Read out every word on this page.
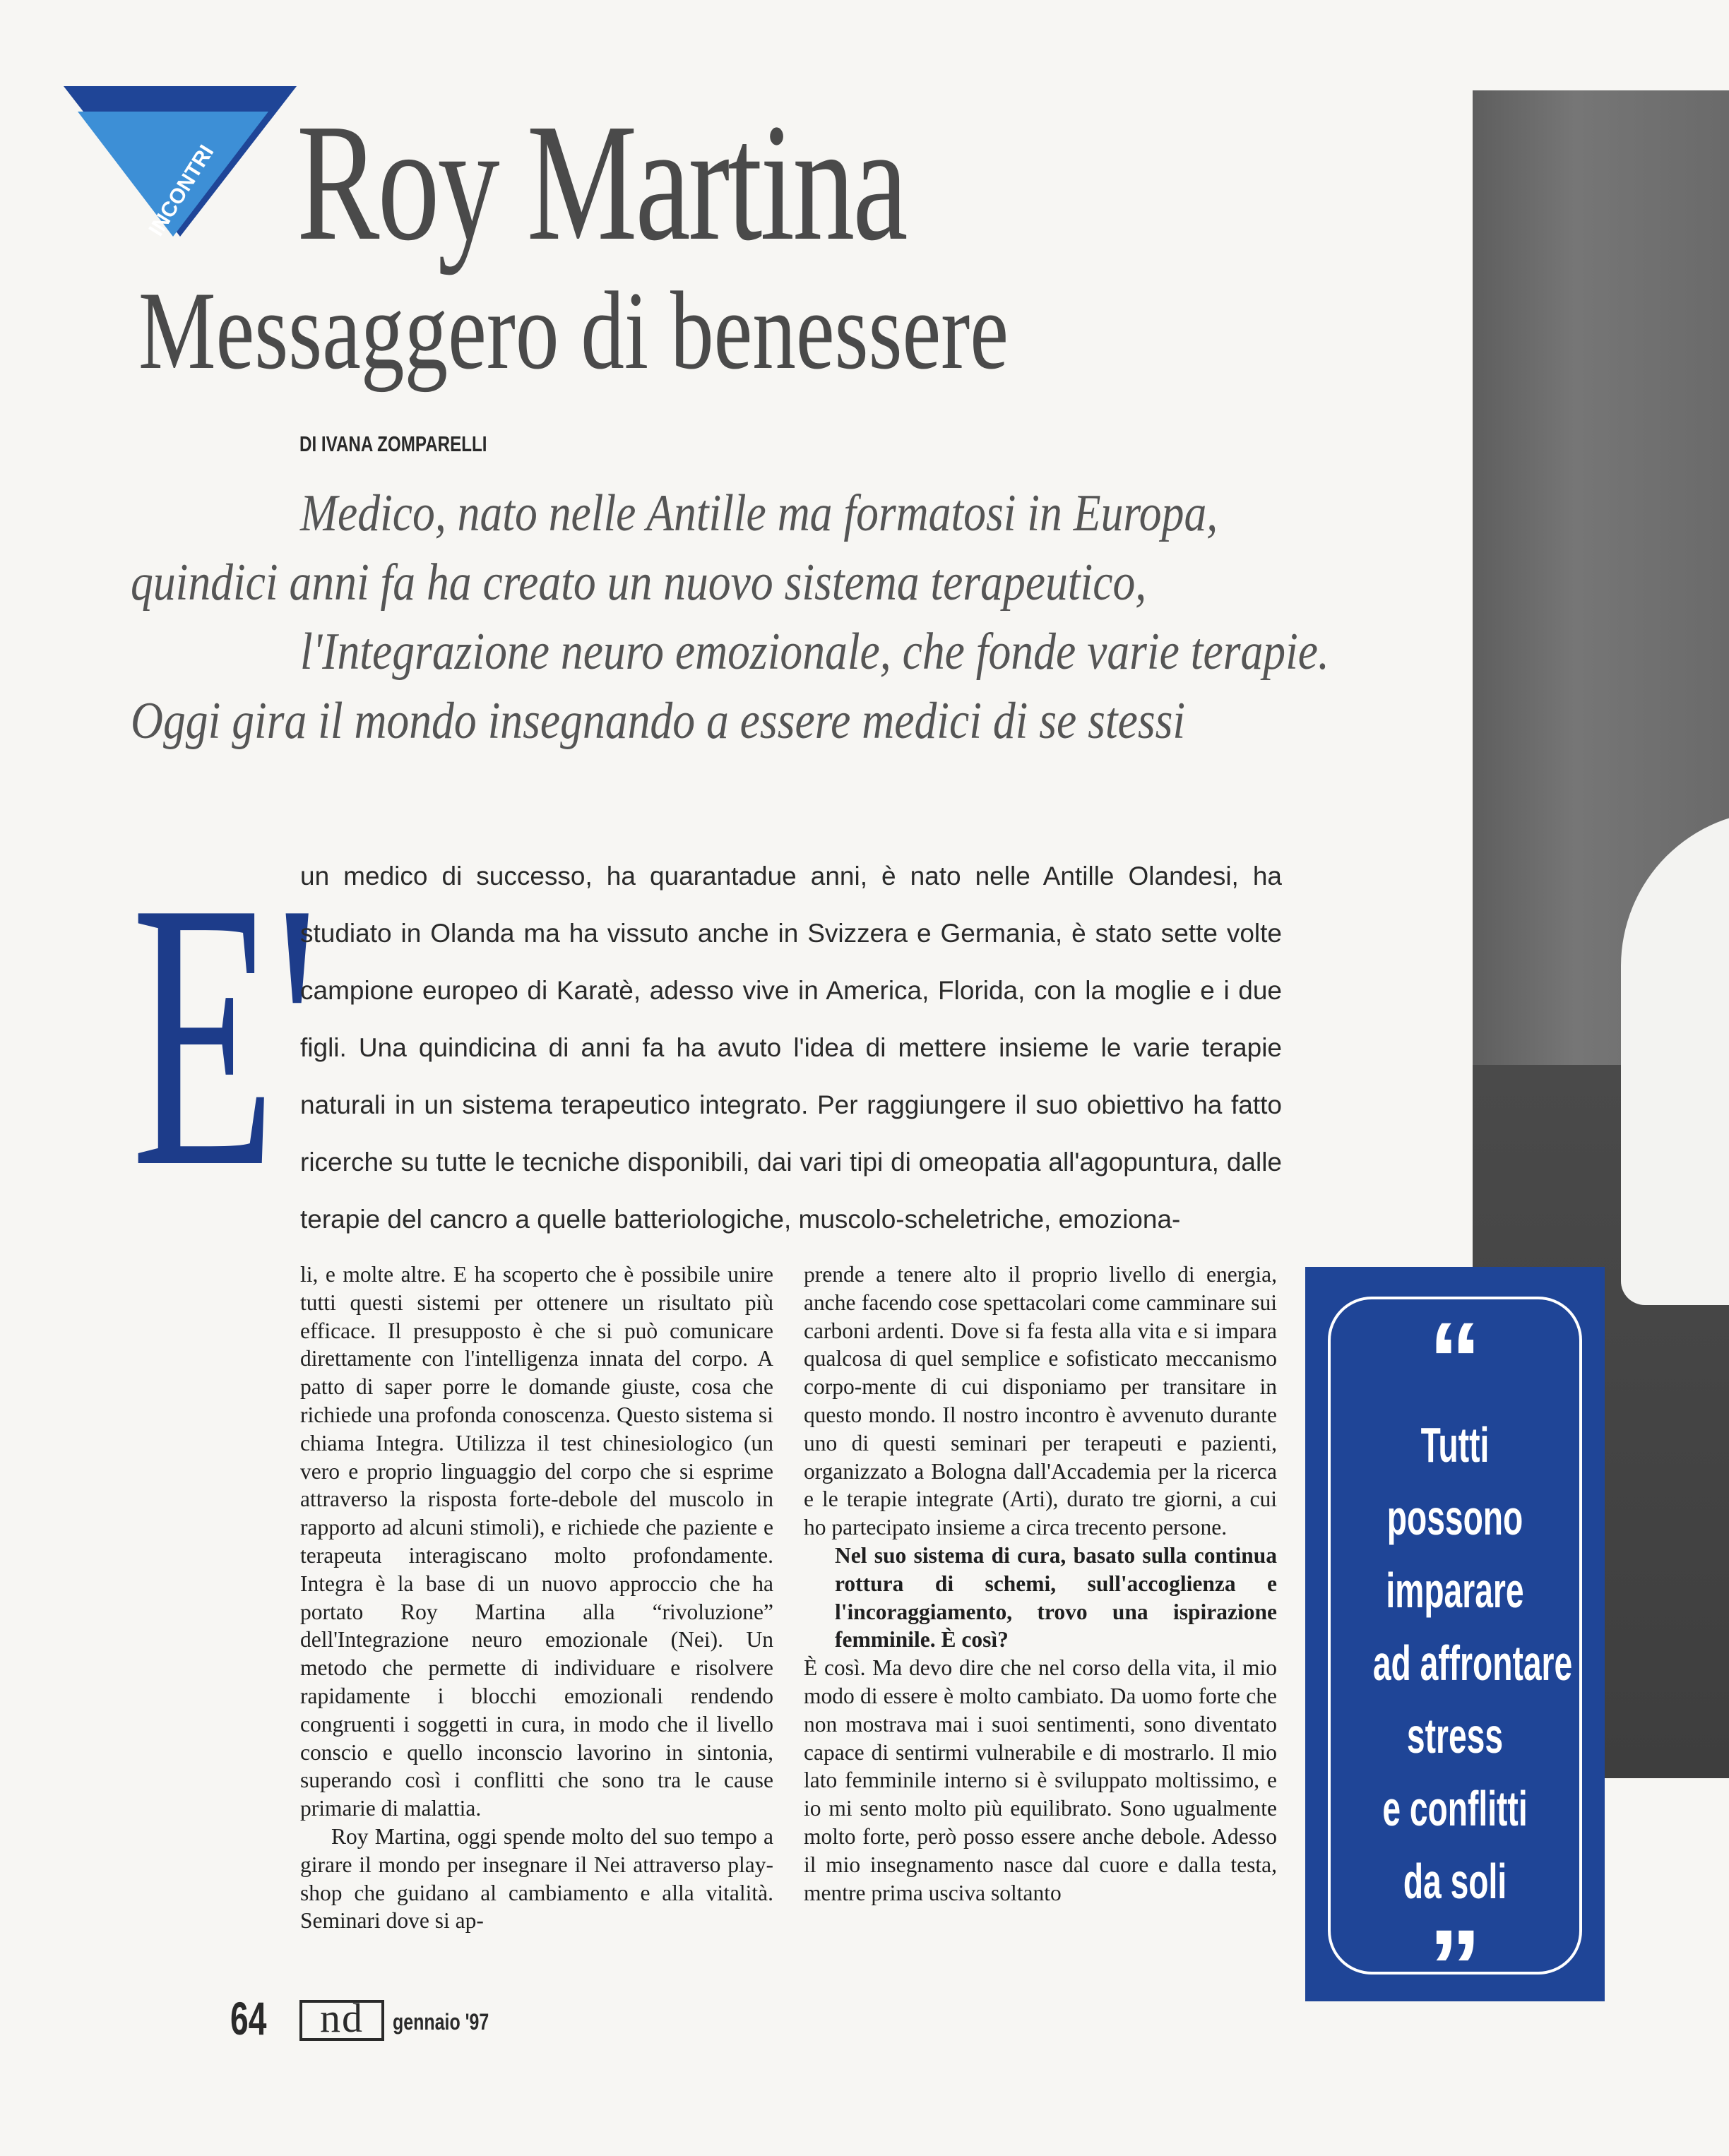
INCONTRI Roy Martina
Messaggero di benessere
DI IVANA ZOMPARELLI
Medico, nato nelle Antille ma formatosi in Europa,
quindici anni fa ha creato un nuovo sistema terapeutico,
l'Integrazione neuro emozionale, che fonde varie terapie.
Oggi gira il mondo insegnando a essere medici di se stessi
E'
un medico di successo, ha quarantadue anni, è nato nelle Antille Olandesi, ha studiato in Olanda ma ha vissuto anche in Svizzera e Germania, è stato sette volte campione europeo di Karatè, adesso vive in America, Florida, con la moglie e i due figli. Una quindicina di anni fa ha avuto l'idea di mettere insieme le varie terapie naturali in un sistema terapeutico integrato. Per raggiungere il suo obiettivo ha fatto ricerche su tutte le tecniche disponibili, dai vari tipi di omeopatia all'agopuntura, dalle terapie del cancro a quelle batteriologiche, muscolo-scheletriche, emoziona-

li, e molte altre. E ha scoperto che è possibile unire tutti questi sistemi per ottenere un risultato più efficace. Il presupposto è che si può comunicare direttamente con l'intelligenza innata del corpo. A patto di saper porre le domande giuste, cosa che richiede una profonda conoscenza. Questo sistema si chiama Integra. Utilizza il test chinesiologico (un vero e proprio linguaggio del corpo che si esprime attraverso la risposta forte-debole del muscolo in rapporto ad alcuni stimoli), e richiede che paziente e terapeuta interagiscano molto profondamente. Integra è la base di un nuovo approccio che ha portato Roy Martina alla “rivoluzione” dell'Integrazione neuro emozionale (Nei). Un metodo che permette di individuare e risolvere rapidamente i blocchi emozionali rendendo congruenti i soggetti in cura, in modo che il livello conscio e quello inconscio lavorino in sintonia, superando così i conflitti che sono tra le cause primarie di malattia.

Roy Martina, oggi spende molto del suo tempo a girare il mondo per insegnare il Nei attraverso play-shop che guidano al cambiamento e alla vitalità. Seminari dove si ap-

prende a tenere alto il proprio livello di energia, anche facendo cose spettacolari come camminare sui carboni ardenti. Dove si fa festa alla vita e si impara qualcosa di quel semplice e sofisticato meccanismo corpo-mente di cui disponiamo per transitare in questo mondo. Il nostro incontro è avvenuto durante uno di questi seminari per terapeuti e pazienti, organizzato a Bologna dall'Accademia per la ricerca e le terapie integrate (Arti), durato tre giorni, a cui ho partecipato insieme a circa trecento persone.

Nel suo sistema di cura, basato sulla continua rottura di schemi, sull'accoglienza e l'incoraggiamento, trovo una ispirazione femminile. È così?

È così. Ma devo dire che nel corso della vita, il mio modo di essere è molto cambiato. Da uomo forte che non mostrava mai i suoi sentimenti, sono diventato capace di sentirmi vulnerabile e di mostrarlo. Il mio lato femminile interno si è sviluppato moltissimo, e io mi sento molto più equilibrato. Sono ugualmente molto forte, però posso essere anche debole. Adesso il mio insegnamento nasce dal cuore e dalla testa, mentre prima usciva soltanto

“
Tutti
possono
imparare
ad affrontare
stress
e conflitti
da soli
”
64	nd	gennaio '97
